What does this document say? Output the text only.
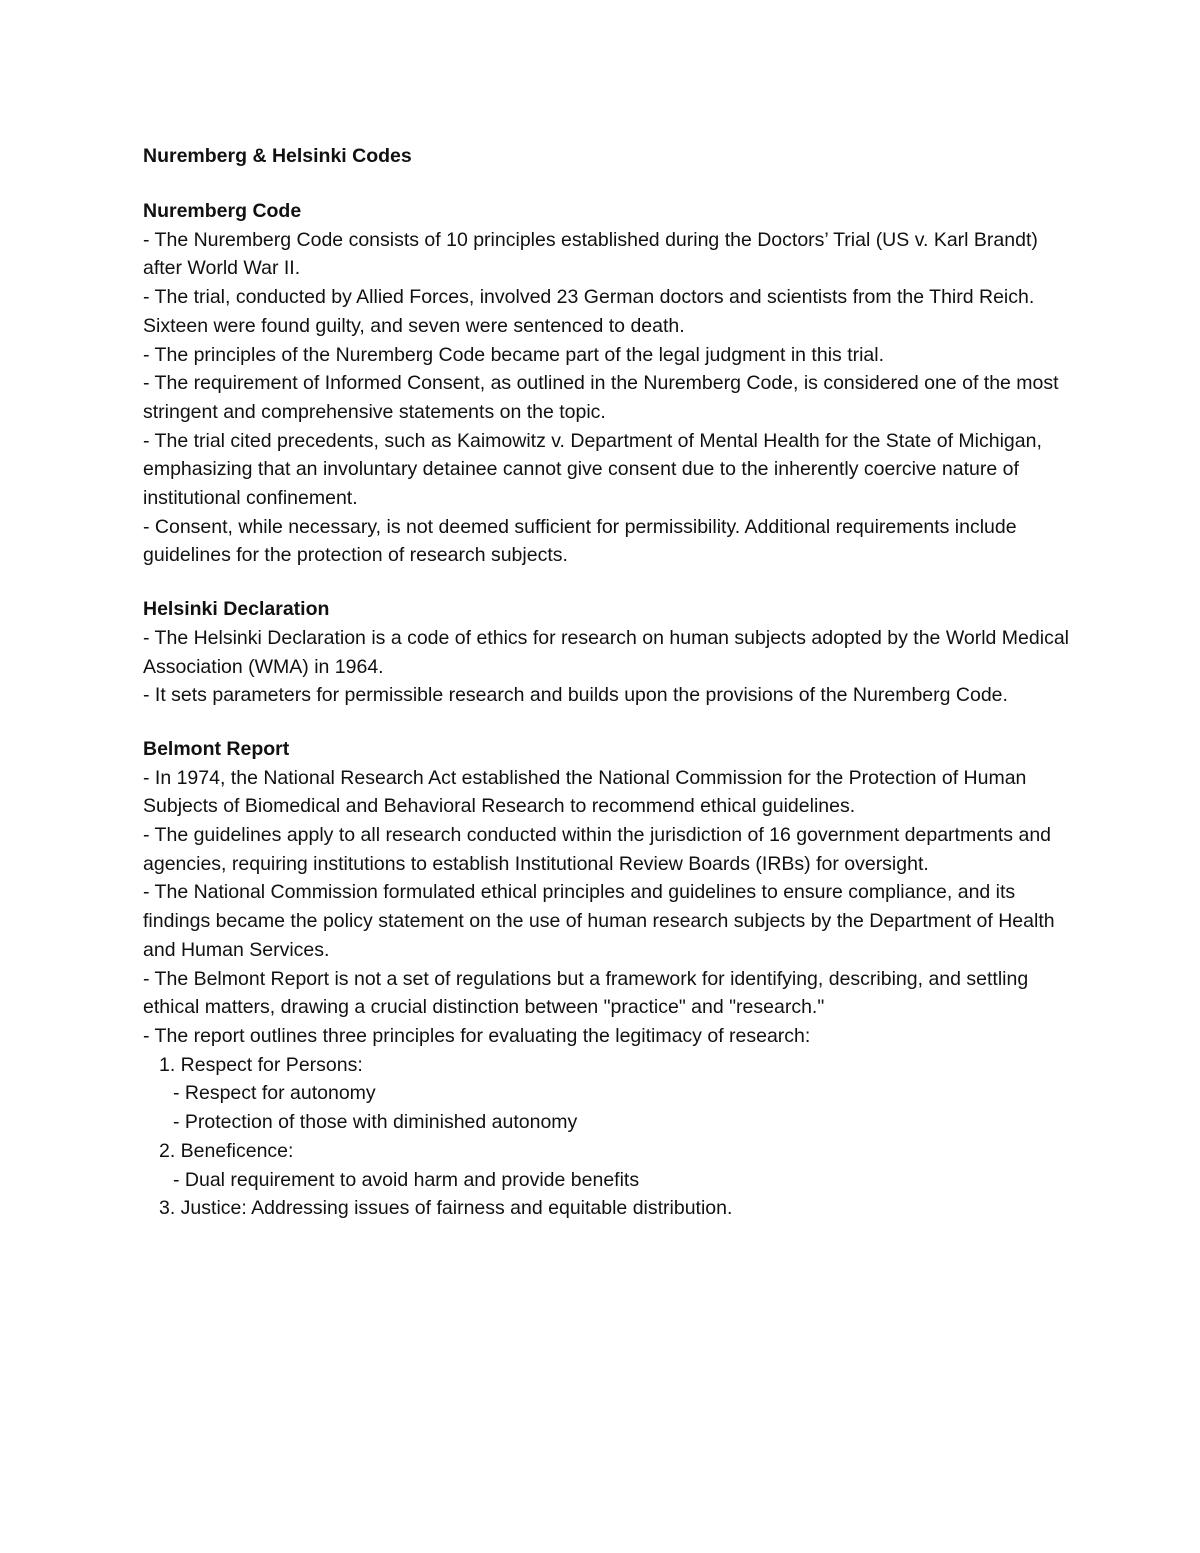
Nuremberg & Helsinki Codes

Nuremberg Code

- The Nuremberg Code consists of 10 principles established during the Doctors’ Trial (US v. Karl Brandt) after World War II.

- The trial, conducted by Allied Forces, involved 23 German doctors and scientists from the Third Reich. Sixteen were found guilty, and seven were sentenced to death.

- The principles of the Nuremberg Code became part of the legal judgment in this trial.

- The requirement of Informed Consent, as outlined in the Nuremberg Code, is considered one of the most stringent and comprehensive statements on the topic.

- The trial cited precedents, such as Kaimowitz v. Department of Mental Health for the State of Michigan, emphasizing that an involuntary detainee cannot give consent due to the inherently coercive nature of institutional confinement.

- Consent, while necessary, is not deemed sufficient for permissibility. Additional requirements include guidelines for the protection of research subjects.

Helsinki Declaration

- The Helsinki Declaration is a code of ethics for research on human subjects adopted by the World Medical Association (WMA) in 1964.

- It sets parameters for permissible research and builds upon the provisions of the Nuremberg Code.

Belmont Report

- In 1974, the National Research Act established the National Commission for the Protection of Human Subjects of Biomedical and Behavioral Research to recommend ethical guidelines.

- The guidelines apply to all research conducted within the jurisdiction of 16 government departments and agencies, requiring institutions to establish Institutional Review Boards (IRBs) for oversight.

- The National Commission formulated ethical principles and guidelines to ensure compliance, and its findings became the policy statement on the use of human research subjects by the Department of Health and Human Services.

- The Belmont Report is not a set of regulations but a framework for identifying, describing, and settling ethical matters, drawing a crucial distinction between "practice" and "research."

- The report outlines three principles for evaluating the legitimacy of research:

1. Respect for Persons:
- Respect for autonomy
- Protection of those with diminished autonomy
2. Beneficence:
- Dual requirement to avoid harm and provide benefits
3. Justice: Addressing issues of fairness and equitable distribution.
